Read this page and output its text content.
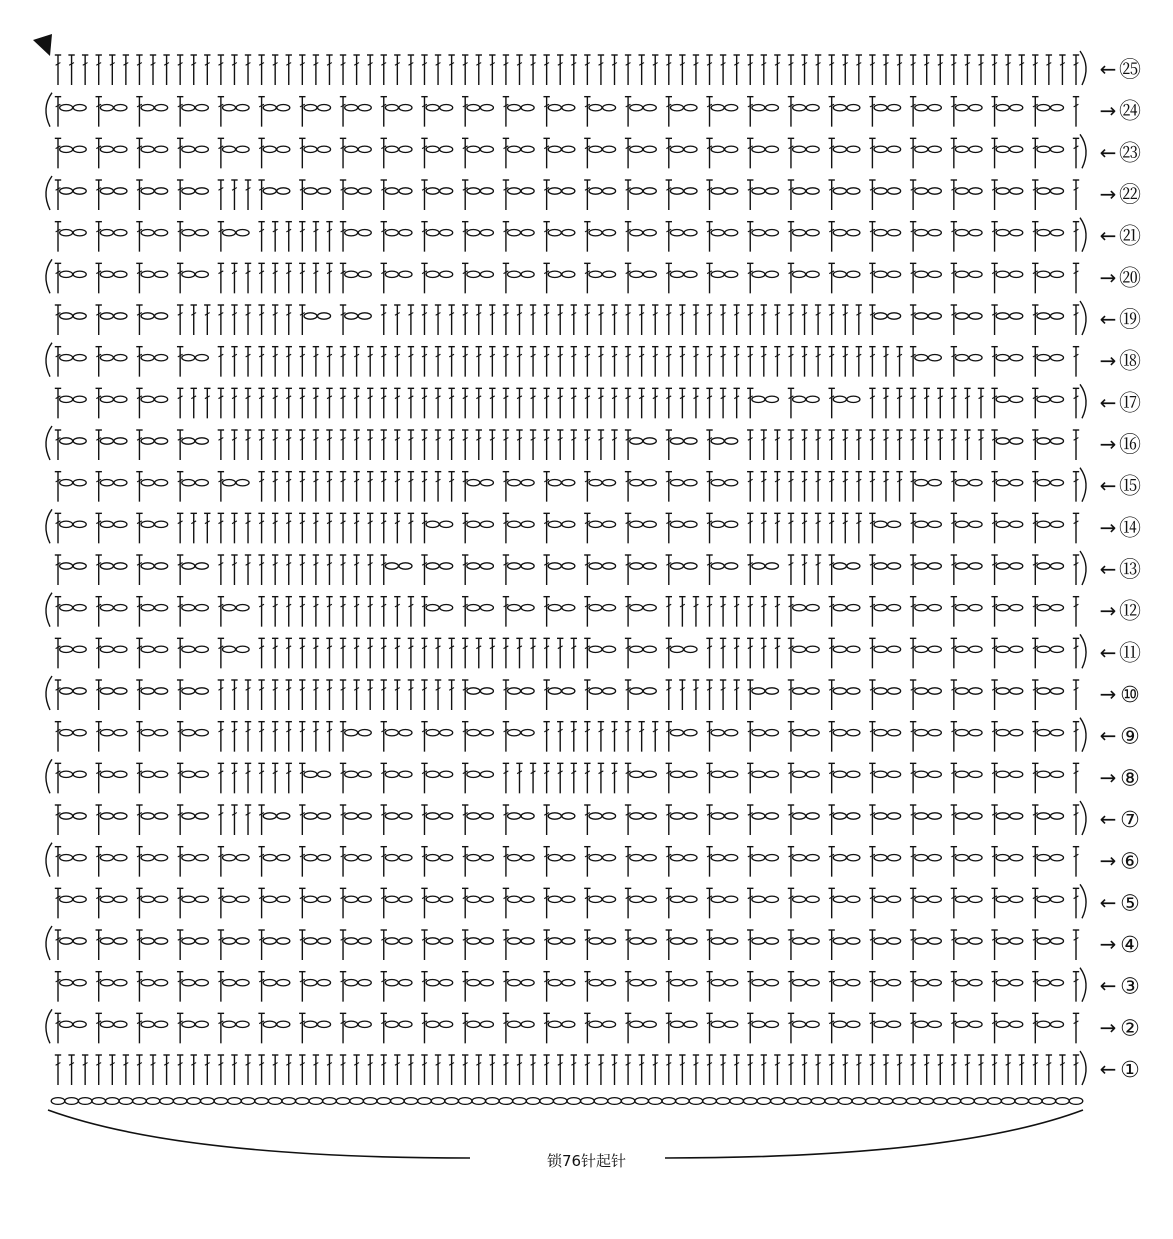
← ①
→ ②
← ③
→ ④
← ⑤
→ ⑥
← ⑦
→ ⑧
← ⑨
→ ⑩
← ⑪
→ ⑫
← ⑬
→ ⑭
← ⑮
→ ⑯
← ⑰
→ ⑱
← ⑲
→ ⑳
← ㉑
→ ㉒
← ㉓
→ ㉔
← ㉕
锁76针起针
